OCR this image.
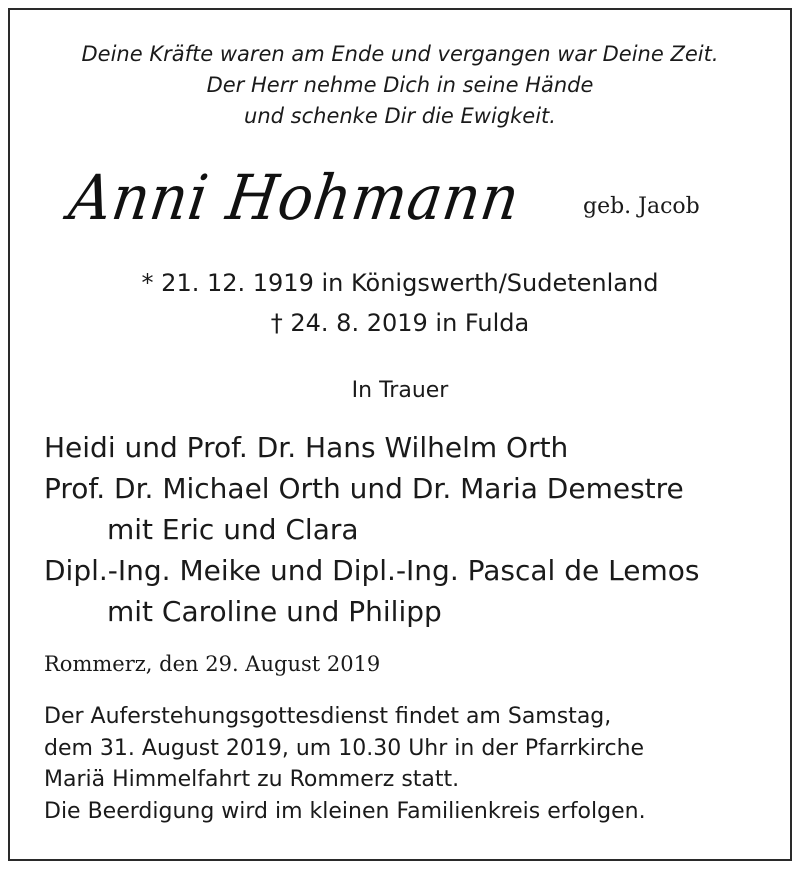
Deine Kräfte waren am Ende und vergangen war Deine Zeit.
Der Herr nehme Dich in seine Hände
und schenke Dir die Ewigkeit.
Anni Hohmann	geb. Jacob
* 21. 12. 1919 in Königswerth/Sudetenland
† 24. 8. 2019 in Fulda
In Trauer
Heidi und Prof. Dr. Hans Wilhelm Orth
Prof. Dr. Michael Orth und Dr. Maria Demestre
mit Eric und Clara
Dipl.-Ing. Meike und Dipl.-Ing. Pascal de Lemos
mit Caroline und Philipp
Rommerz, den 29. August 2019
Der Auferstehungsgottesdienst findet am Samstag,
dem 31. August 2019, um 10.30 Uhr in der Pfarrkirche
Mariä Himmelfahrt zu Rommerz statt.
Die Beerdigung wird im kleinen Familienkreis erfolgen.
